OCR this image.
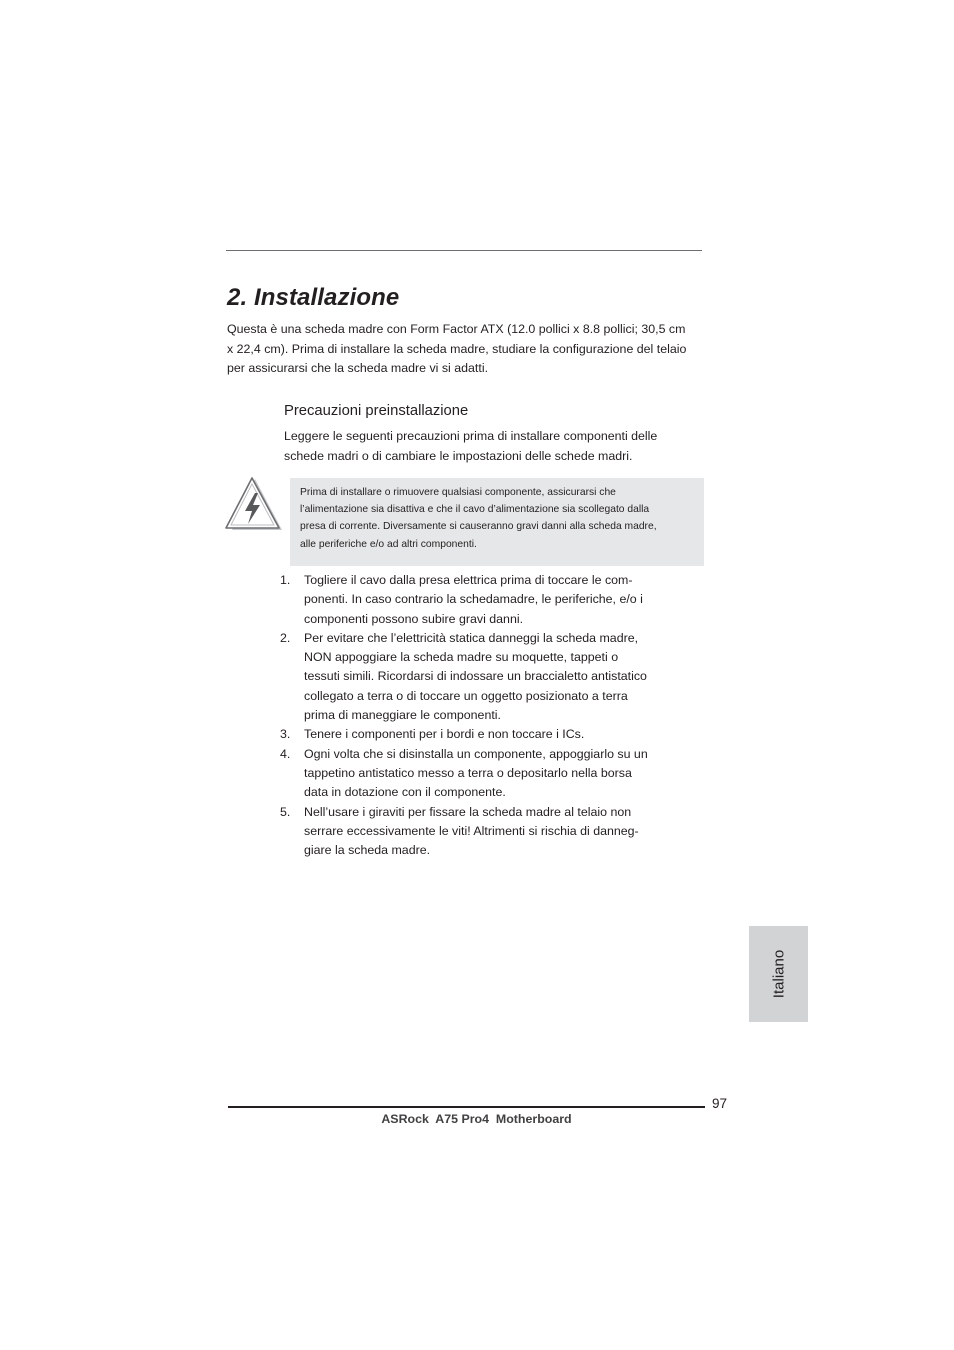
2. Installazione

Questa è una scheda madre con Form Factor ATX (12.0 pollici x 8.8 pollici; 30,5 cm
x 22,4 cm). Prima di installare la scheda madre, studiare la configurazione del telaio
per assicurarsi che la scheda madre vi si adatti.

Precauzioni preinstallazione

Leggere le seguenti precauzioni prima di installare componenti delle
schede madri o di cambiare le impostazioni delle schede madri.

Prima di installare o rimuovere qualsiasi componente, assicurarsi che
l’alimentazione sia disattiva e che il cavo d’alimentazione sia scollegato dalla
presa di corrente. Diversamente si causeranno gravi danni alla scheda madre,
alle periferiche e/o ad altri componenti.
1. Togliere il cavo dalla presa elettrica prima di toccare le com-
ponenti. In caso contrario la schedamadre, le periferiche, e/o i
componenti possono subire gravi danni.
2. Per evitare che l’elettricità statica danneggi la scheda madre,
NON appoggiare la scheda madre su moquette, tappeti o
tessuti simili. Ricordarsi di indossare un braccialetto antistatico
collegato a terra o di toccare un oggetto posizionato a terra
prima di maneggiare le componenti.
3. Tenere i componenti per i bordi e non toccare i ICs.
4. Ogni volta che si disinstalla un componente, appoggiarlo su un
tappetino antistatico messo a terra o depositarlo nella borsa
data in dotazione con il componente.
5. Nell’usare i giraviti per fissare la scheda madre al telaio non
serrare eccessivamente le viti! Altrimenti si rischia di danneg-
giare la scheda madre.
Italiano
97
ASRock  A75 Pro4  Motherboard
